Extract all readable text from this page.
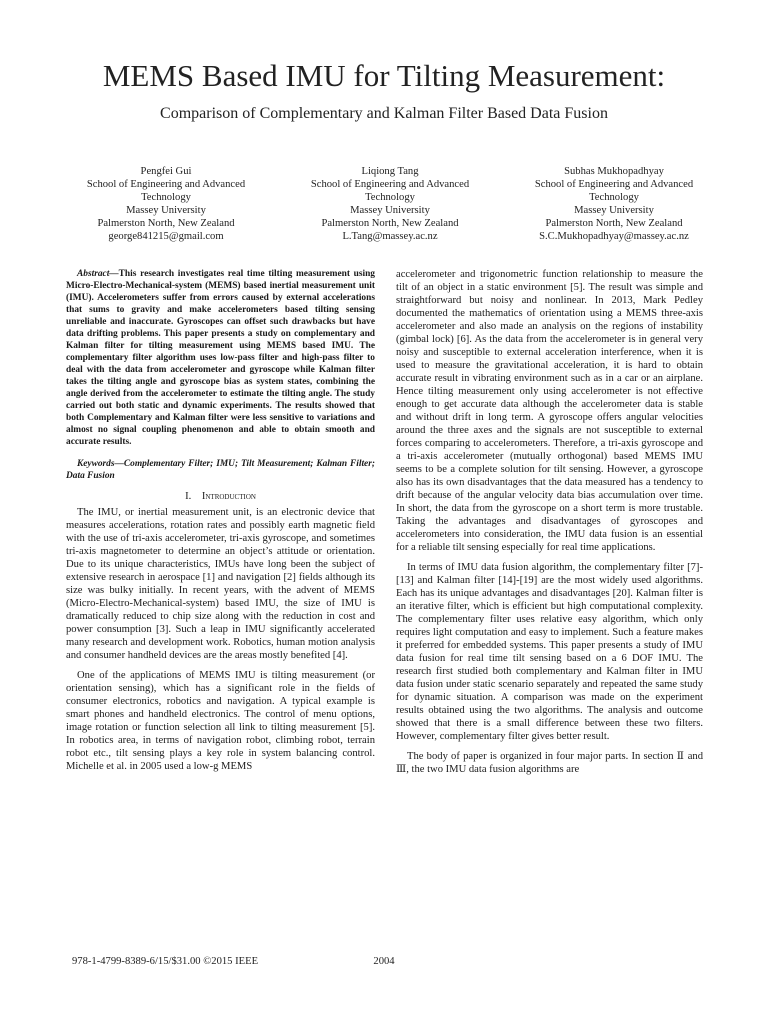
MEMS Based IMU for Tilting Measurement:
Comparison of Complementary and Kalman Filter Based Data Fusion
Pengfei Gui
School of Engineering and Advanced
Technology
Massey University
Palmerston North, New Zealand
george841215@gmail.com
Liqiong Tang
School of Engineering and Advanced
Technology
Massey University
Palmerston North, New Zealand
L.Tang@massey.ac.nz
Subhas Mukhopadhyay
School of Engineering and Advanced
Technology
Massey University
Palmerston North, New Zealand
S.C.Mukhopadhyay@massey.ac.nz

Abstract—This research investigates real time tilting measurement using Micro-Electro-Mechanical-system (MEMS) based inertial measurement unit (IMU). Accelerometers suffer from errors caused by external accelerations that sums to gravity and make accelerometers based tilting sensing unreliable and inaccurate. Gyroscopes can offset such drawbacks but have data drifting problems. This paper presents a study on complementary and Kalman filter for tilting measurement using MEMS based IMU. The complementary filter algorithm uses low-pass filter and high-pass filter to deal with the data from accelerometer and gyroscope while Kalman filter takes the tilting angle and gyroscope bias as system states, combining the angle derived from the accelerometer to estimate the tilting angle. The study carried out both static and dynamic experiments. The results showed that both Complementary and Kalman filter were less sensitive to variations and almost no signal coupling phenomenon and able to obtain smooth and accurate results.

Keywords—Complementary Filter; IMU; Tilt Measurement; Kalman Filter; Data Fusion

I. Introduction

The IMU, or inertial measurement unit, is an electronic device that measures accelerations, rotation rates and possibly earth magnetic field with the use of tri-axis accelerometer, tri-axis gyroscope, and sometimes tri-axis magnetometer to determine an object’s attitude or orientation. Due to its unique characteristics, IMUs have long been the subject of extensive research in aerospace [1] and navigation [2] fields although its size was bulky initially. In recent years, with the advent of MEMS (Micro-Electro-Mechanical-system) based IMU, the size of IMU is dramatically reduced to chip size along with the reduction in cost and power consumption [3]. Such a leap in IMU significantly accelerated many research and development work. Robotics, human motion analysis and consumer handheld devices are the areas mostly benefited [4].

One of the applications of MEMS IMU is tilting measurement (or orientation sensing), which has a significant role in the fields of consumer electronics, robotics and navigation. A typical example is smart phones and handheld electronics. The control of menu options, image rotation or function selection all link to tilting measurement [5]. In robotics area, in terms of navigation robot, climbing robot, terrain robot etc., tilt sensing plays a key role in system balancing control. Michelle et al. in 2005 used a low-g MEMS

accelerometer and trigonometric function relationship to measure the tilt of an object in a static environment [5]. The result was simple and straightforward but noisy and nonlinear. In 2013, Mark Pedley documented the mathematics of orientation using a MEMS three-axis accelerometer and also made an analysis on the regions of instability (gimbal lock) [6]. As the data from the accelerometer is in general very noisy and susceptible to external acceleration interference, when it is used to measure the gravitational acceleration, it is hard to obtain accurate result in vibrating environment such as in a car or an airplane. Hence tilting measurement only using accelerometer is not effective enough to get accurate data although the accelerometer data is stable and without drift in long term. A gyroscope offers angular velocities around the three axes and the signals are not susceptible to external forces comparing to accelerometers. Therefore, a tri-axis gyroscope and a tri-axis accelerometer (mutually orthogonal) based MEMS IMU seems to be a complete solution for tilt sensing. However, a gyroscope also has its own disadvantages that the data measured has a tendency to drift because of the angular velocity data bias accumulation over time. In short, the data from the gyroscope on a short term is more trustable. Taking the advantages and disadvantages of gyroscopes and accelerometers into consideration, the IMU data fusion is an essential for a reliable tilt sensing especially for real time applications.

In terms of IMU data fusion algorithm, the complementary filter [7]-[13] and Kalman filter [14]-[19] are the most widely used algorithms. Each has its unique advantages and disadvantages [20]. Kalman filter is an iterative filter, which is efficient but high computational complexity. The complementary filter uses relative easy algorithm, which only requires light computation and easy to implement. Such a feature makes it preferred for embedded systems. This paper presents a study of IMU data fusion for real time tilt sensing based on a 6 DOF IMU. The research first studied both complementary and Kalman filter in IMU data fusion under static scenario separately and repeated the same study for dynamic situation. A comparison was made on the experiment results obtained using the two algorithms. The analysis and outcome showed that there is a small difference between these two filters. However, complementary filter gives better result.

The body of paper is organized in four major parts. In section Ⅱ and Ⅲ, the two IMU data fusion algorithms are

978-1-4799-8389-6/15/$31.00 ©2015 IEEE	2004
